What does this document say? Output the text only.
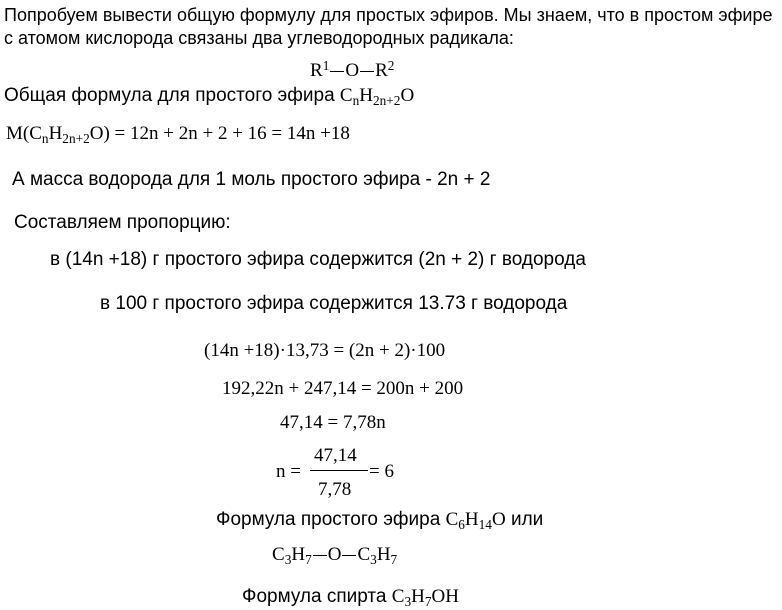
Попробуем вывести общую формулу для простых эфиров. Мы знаем, что в простом эфире
с атомом кислорода связаны два углеводородных радикала:
$R^1$ O $R^2$
Общая формула для простого эфира $C_nH_{2n+2}O$
$M(C_nH_{2n+2}O) = 12n + 2n + 2 + 16 = 14n +18$
А масса водорода для 1 моль простого эфира - 2n + 2
Составляем пропорцию:
в (14n +18) г простого эфира содержится (2n + 2) г водорода
в 100 г простого эфира содержится 13.73 г водорода
(14n +18)·13,73 = (2n + 2)·100
192,22n + 247,14 = 200n + 200
47,14 = 7,78n
n =
47,14
7,78
= 6
Формула простого эфира $C_6H_{14}O$ или
$C_3H_7$ O $C_3H_7$
Формула спирта $C_3H_7OH$
